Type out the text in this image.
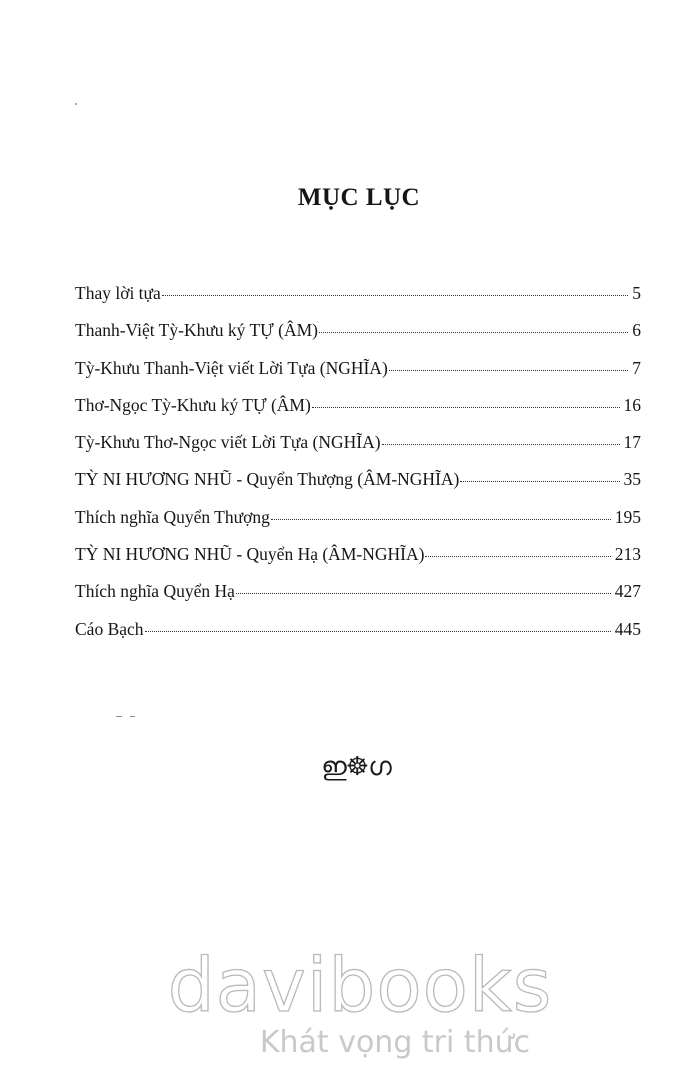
MỤC LỤC
Thay lời tựa	5
Thanh-Việt Tỳ-Khưu ký TỰ (ÂM)	6
Tỳ-Khưu Thanh-Việt viết Lời Tựa (NGHĨA)	7
Thơ-Ngọc Tỳ-Khưu ký TỰ (ÂM)	16
Tỳ-Khưu Thơ-Ngọc viết Lời Tựa (NGHĨA)	17
TỲ NI HƯƠNG NHŨ - Quyển Thượng (ÂM-NGHĨA)	35
Thích nghĩa Quyển Thượng	195
TỲ NI HƯƠNG NHŨ - Quyển Hạ (ÂM-NGHĨA)	213
Thích nghĩa Quyển Hạ	427
Cáo Bạch	445
ഇ☸ഗ
davibooks
Khát vọng tri thức
